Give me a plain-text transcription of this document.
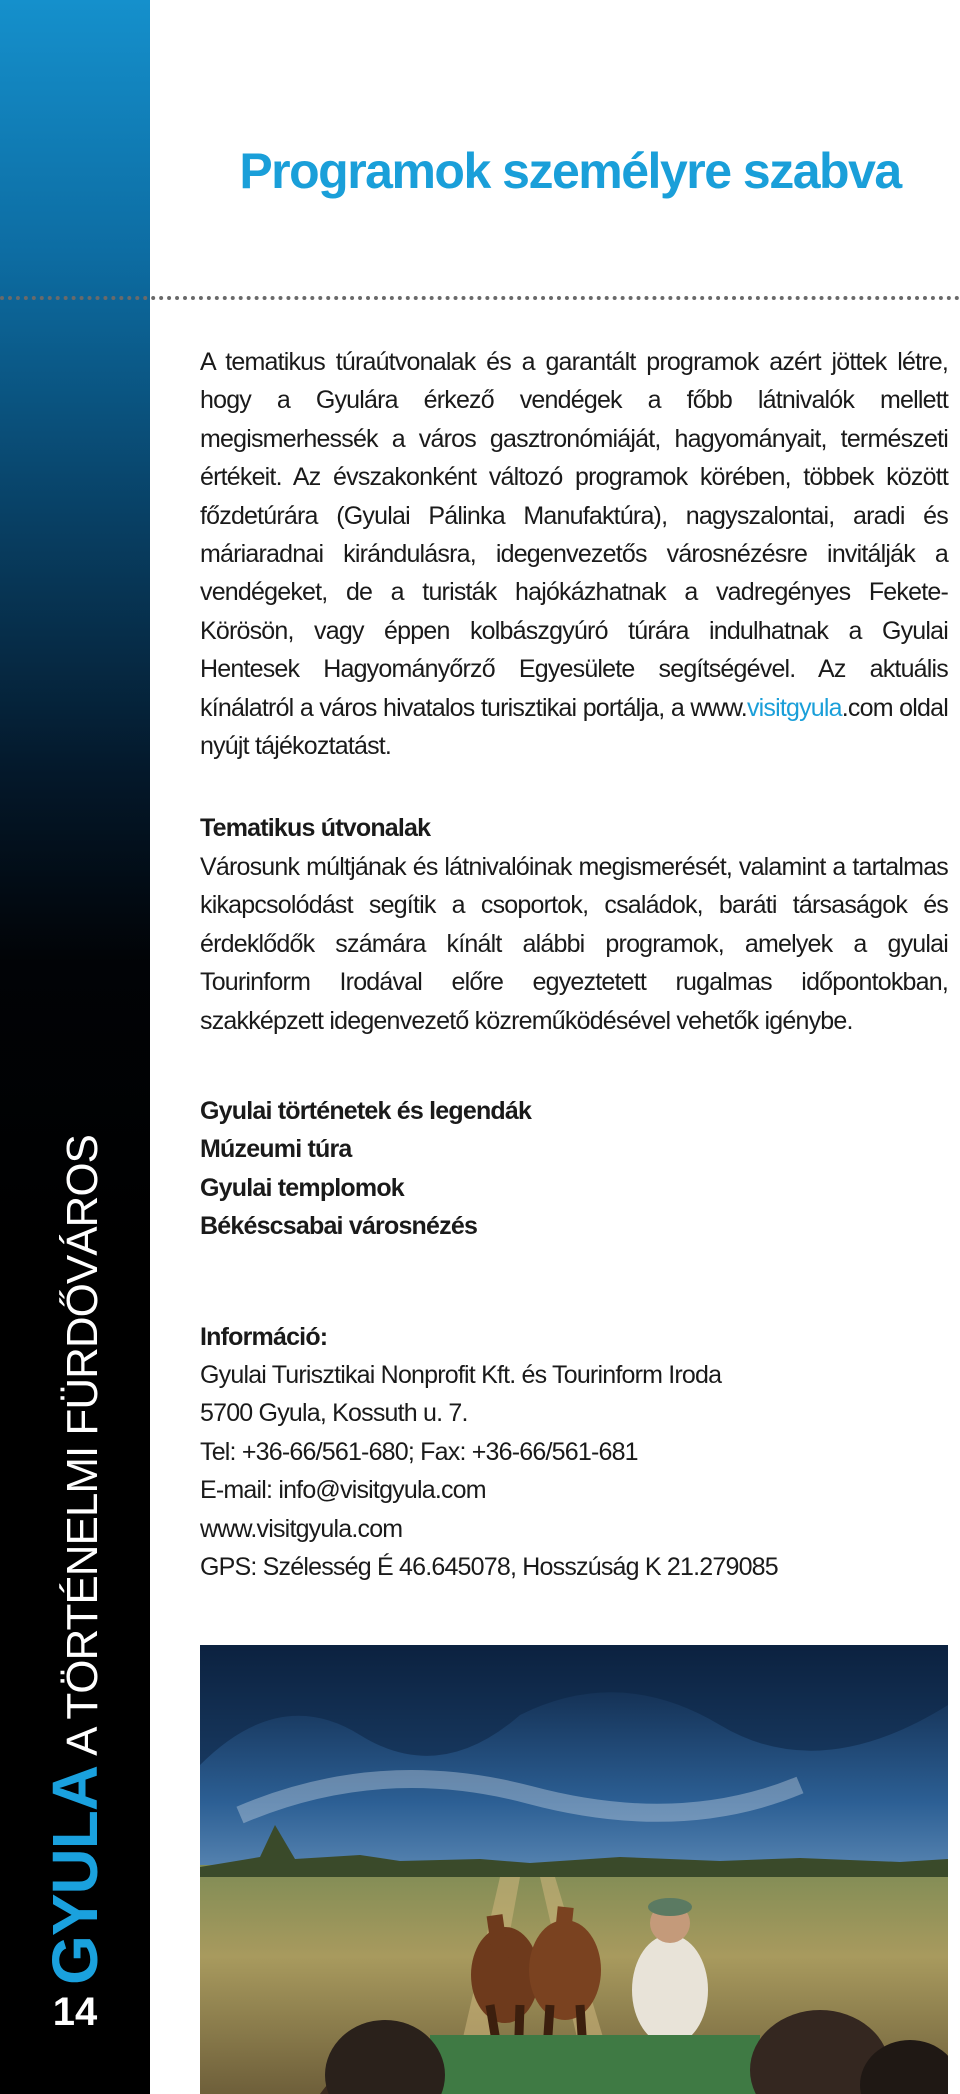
GYULAA TÖRTÉNELMI FÜRDŐVÁROS
14
Programok személyre szabva

A tematikus túraútvonalak és a garantált programok azért jöttek létre, hogy a Gyulára érkező vendégek a főbb látnivalók mellett megismerhessék a város gasztronómiáját, hagyományait, természeti értékeit. Az évszakonként változó programok körében, többek között főzdetúrára (Gyulai Pálinka Manufaktúra), nagyszalontai, aradi és máriaradnai kirándulásra, idegenvezetős városnézésre invitálják a vendégeket, de a turisták hajókázhatnak a vadregényes Fekete-Körösön, vagy éppen kolbászgyúró túrára indulhatnak a Gyulai Hentesek Hagyományőrző Egyesülete segítségével. Az aktuális kínálatról a város hivatalos turisztikai portálja, a www.visitgyula.com oldal nyújt tájékoztatást.

Tematikus útvonalak

Városunk múltjának és látnivalóinak megismerését, valamint a tartalmas kikapcsolódást segítik a csoportok, családok, baráti társaságok és érdeklődők számára kínált alábbi programok, amelyek a gyulai Tourinform Irodával előre egyeztetett rugalmas időpontokban, szakképzett idegenvezető közreműködésével vehetők igénybe.

Gyulai történetek és legendák
Múzeumi túra
Gyulai templomok
Békéscsabai városnézés
Információ:
Gyulai Turisztikai Nonprofit Kft. és Tourinform Iroda
5700 Gyula, Kossuth u. 7.
Tel: +36-66/561-680; Fax: +36-66/561-681
E-mail: info@visitgyula.com
www.visitgyula.com
GPS: Szélesség É 46.645078, Hosszúság K 21.279085
